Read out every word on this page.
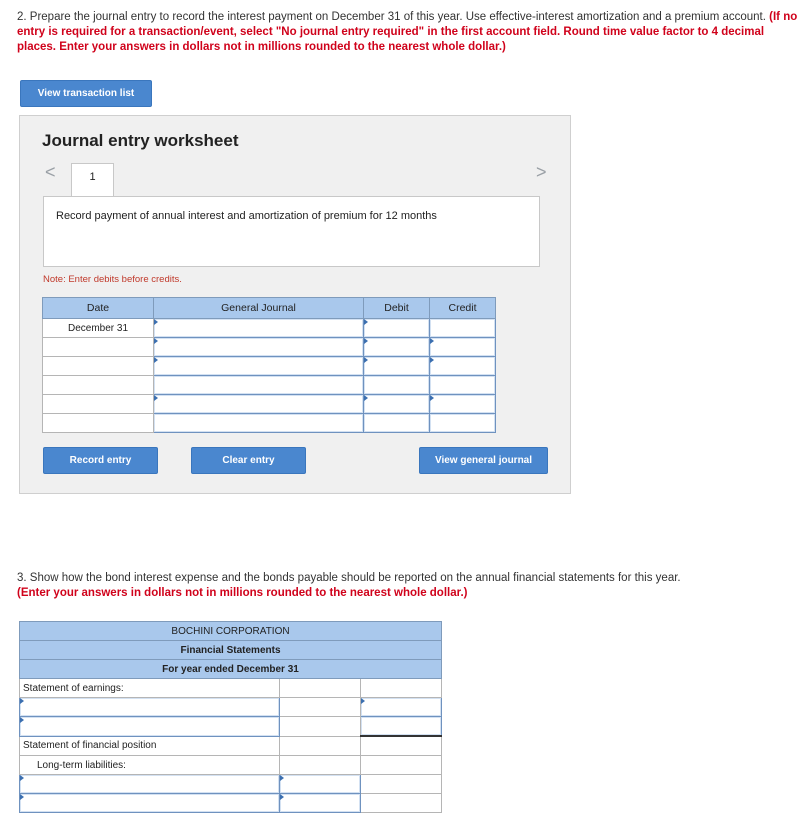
2. Prepare the journal entry to record the interest payment on December 31 of this year. Use effective-interest amortization and a premium account. (If no entry is required for a transaction/event, select "No journal entry required" in the first account field. Round time value factor to 4 decimal places. Enter your answers in dollars not in millions rounded to the nearest whole dollar.)
View transaction list
Journal entry worksheet
<	>
1
Record payment of annual interest and amortization of premium for 12 months
Note: Enter debits before credits.
Date	General Journal	Debit	Credit
December 31			

Record entry	Clear entry	View general journal
3. Show how the bond interest expense and the bonds payable should be reported on the annual financial statements for this year.
(Enter your answers in dollars not in millions rounded to the nearest whole dollar.)
BOCHINI CORPORATION		
Financial Statements		
For year ended December 31		
Statement of earnings:		

Statement of financial position		
Long-term liabilities:		
